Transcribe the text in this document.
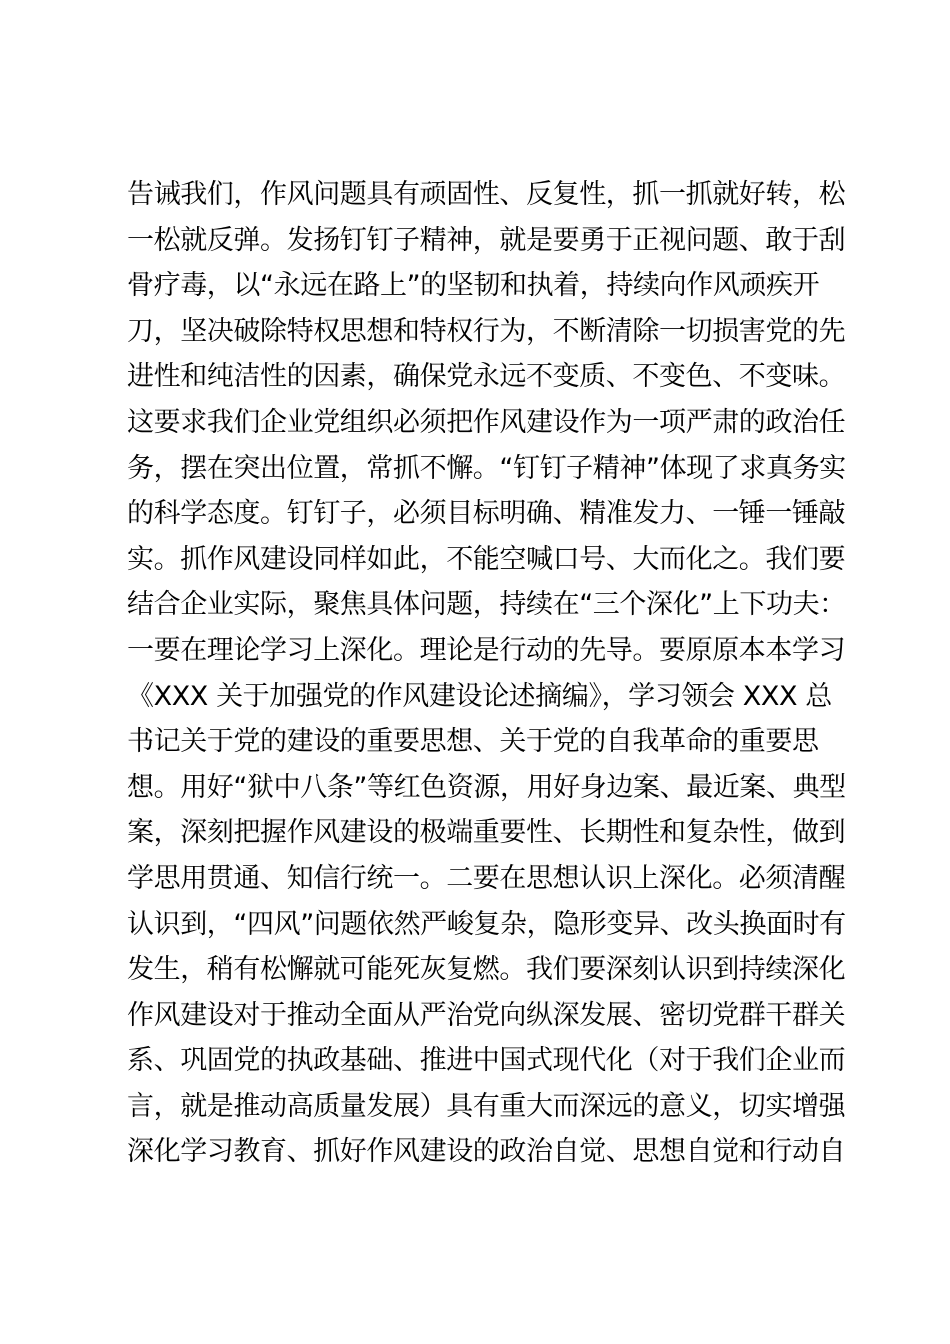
告诫我们，作风问题具有顽固性、反复性，抓一抓就好转，松
一松就反弹。发扬钉钉子精神，就是要勇于正视问题、敢于刮
骨疗毒，以“永远在路上”的坚韧和执着，持续向作风顽疾开
刀，坚决破除特权思想和特权行为，不断清除一切损害党的先
进性和纯洁性的因素，确保党永远不变质、不变色、不变味。
这要求我们企业党组织必须把作风建设作为一项严肃的政治任
务，摆在突出位置，常抓不懈。“钉钉子精神”体现了求真务实
的科学态度。钉钉子，必须目标明确、精准发力、一锤一锤敲
实。抓作风建设同样如此，不能空喊口号、大而化之。我们要
结合企业实际，聚焦具体问题，持续在“三个深化”上下功夫：
一要在理论学习上深化。理论是行动的先导。要原原本本学习
《XXX 关于加强党的作风建设论述摘编》，学习领会 XXX 总
书记关于党的建设的重要思想、关于党的自我革命的重要思
想。用好“狱中八条”等红色资源，用好身边案、最近案、典型
案，深刻把握作风建设的极端重要性、长期性和复杂性，做到
学思用贯通、知信行统一。二要在思想认识上深化。必须清醒
认识到，“四风”问题依然严峻复杂，隐形变异、改头换面时有
发生，稍有松懈就可能死灰复燃。我们要深刻认识到持续深化
作风建设对于推动全面从严治党向纵深发展、密切党群干群关
系、巩固党的执政基础、推进中国式现代化（对于我们企业而
言，就是推动高质量发展）具有重大而深远的意义，切实增强
深化学习教育、抓好作风建设的政治自觉、思想自觉和行动自
